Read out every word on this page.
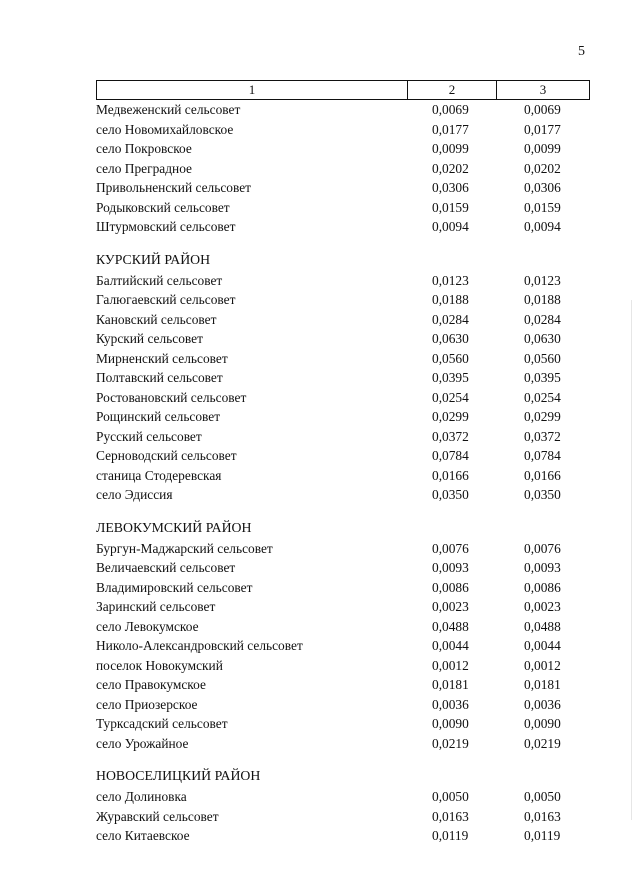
5
1	2	3
Медвеженский сельсовет	0,0069	0,0069
село Новомихайловское	0,0177	0,0177
село Покровское	0,0099	0,0099
село Преградное	0,0202	0,0202
Привольненский сельсовет	0,0306	0,0306
Родыковский сельсовет	0,0159	0,0159
Штурмовский сельсовет	0,0094	0,0094
КУРСКИЙ РАЙОН
Балтийский сельсовет	0,0123	0,0123
Галюгаевский сельсовет	0,0188	0,0188
Кановский сельсовет	0,0284	0,0284
Курский сельсовет	0,0630	0,0630
Мирненский сельсовет	0,0560	0,0560
Полтавский сельсовет	0,0395	0,0395
Ростовановский сельсовет	0,0254	0,0254
Рощинский сельсовет	0,0299	0,0299
Русский сельсовет	0,0372	0,0372
Серноводский сельсовет	0,0784	0,0784
станица Стодеревская	0,0166	0,0166
село Эдиссия	0,0350	0,0350
ЛЕВОКУМСКИЙ РАЙОН
Бургун-Маджарский сельсовет	0,0076	0,0076
Величаевский сельсовет	0,0093	0,0093
Владимировский сельсовет	0,0086	0,0086
Заринский сельсовет	0,0023	0,0023
село Левокумское	0,0488	0,0488
Николо-Александровский сельсовет	0,0044	0,0044
поселок Новокумский	0,0012	0,0012
село Правокумское	0,0181	0,0181
село Приозерское	0,0036	0,0036
Турксадский сельсовет	0,0090	0,0090
село Урожайное	0,0219	0,0219
НОВОСЕЛИЦКИЙ РАЙОН
село Долиновка	0,0050	0,0050
Журавский сельсовет	0,0163	0,0163
село Китаевское	0,0119	0,0119
